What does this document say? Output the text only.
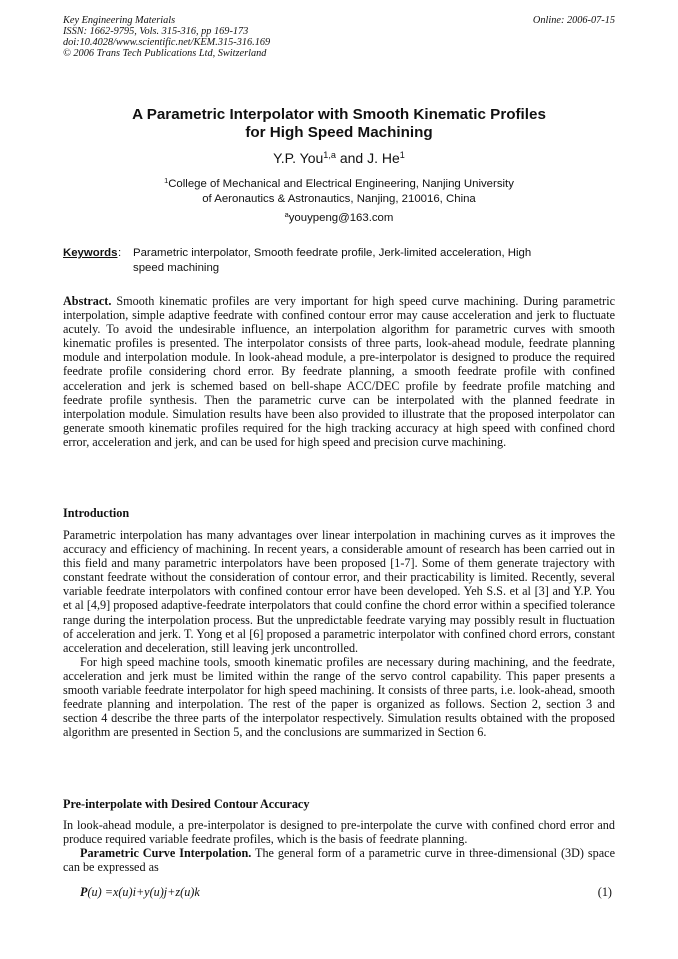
Key Engineering Materials
ISSN: 1662-9795, Vols. 315-316, pp 169-173
doi:10.4028/www.scientific.net/KEM.315-316.169
© 2006 Trans Tech Publications Ltd, Switzerland
Online: 2006-07-15
A Parametric Interpolator with Smooth Kinematic Profiles
for High Speed Machining
Y.P. You$^{1,a}$ and J. He$^1$
$^1$College of Mechanical and Electrical Engineering, Nanjing University
of Aeronautics & Astronautics, Nanjing, 210016, China
$^a$youypeng@163.com
Keywords : Parametric interpolator, Smooth feedrate profile, Jerk-limited acceleration, High speed machining

Abstract. Smooth kinematic profiles are very important for high speed curve machining. During parametric interpolation, simple adaptive feedrate with confined contour error may cause acceleration and jerk to fluctuate acutely. To avoid the undesirable influence, an interpolation algorithm for parametric curves with smooth kinematic profiles is presented. The interpolator consists of three parts, look-ahead module, feedrate planning module and interpolation module. In look-ahead module, a pre-interpolator is designed to produce the required feedrate profile considering chord error. By feedrate planning, a smooth feedrate profile with confined acceleration and jerk is schemed based on bell-shape ACC/DEC profile by feedrate profile matching and feedrate profile synthesis. Then the parametric curve can be interpolated with the planned feedrate in interpolation module. Simulation results have been also provided to illustrate that the proposed interpolator can generate smooth kinematic profiles required for the high tracking accuracy at high speed with confined chord error, acceleration and jerk, and can be used for high speed and precision curve machining.

Introduction

Parametric interpolation has many advantages over linear interpolation in machining curves as it improves the accuracy and efficiency of machining. In recent years, a considerable amount of research has been carried out in this field and many parametric interpolators have been proposed [1-7]. Some of them generate trajectory with constant feedrate without the consideration of contour error, and their practicability is limited. Recently, several variable feedrate interpolators with confined contour error have been developed. Yeh S.S. et al [3] and Y.P. You et al [4,9] proposed adaptive-feedrate interpolators that could confine the chord error within a specified tolerance range during the interpolation process. But the unpredictable feedrate varying may possibly result in fluctuation of acceleration and jerk. T. Yong et al [6] proposed a parametric interpolator with confined chord errors, constant acceleration and deceleration, still leaving jerk uncontrolled.

For high speed machine tools, smooth kinematic profiles are necessary during machining, and the feedrate, acceleration and jerk must be limited within the range of the servo control capability. This paper presents a smooth variable feedrate interpolator for high speed machining. It consists of three parts, i.e. look-ahead, smooth feedrate planning and interpolation. The rest of the paper is organized as follows. Section 2, section 3 and section 4 describe the three parts of the interpolator respectively. Simulation results obtained with the proposed algorithm are presented in Section 5, and the conclusions are summarized in Section 6.

Pre-interpolate with Desired Contour Accuracy

In look-ahead module, a pre-interpolator is designed to pre-interpolate the curve with confined chord error and produce required variable feedrate profiles, which is the basis of feedrate planning.

Parametric Curve Interpolation. The general form of a parametric curve in three-dimensional (3D) space can be expressed as

P(u) =x(u)i+y(u)j+z(u)k	(1)
